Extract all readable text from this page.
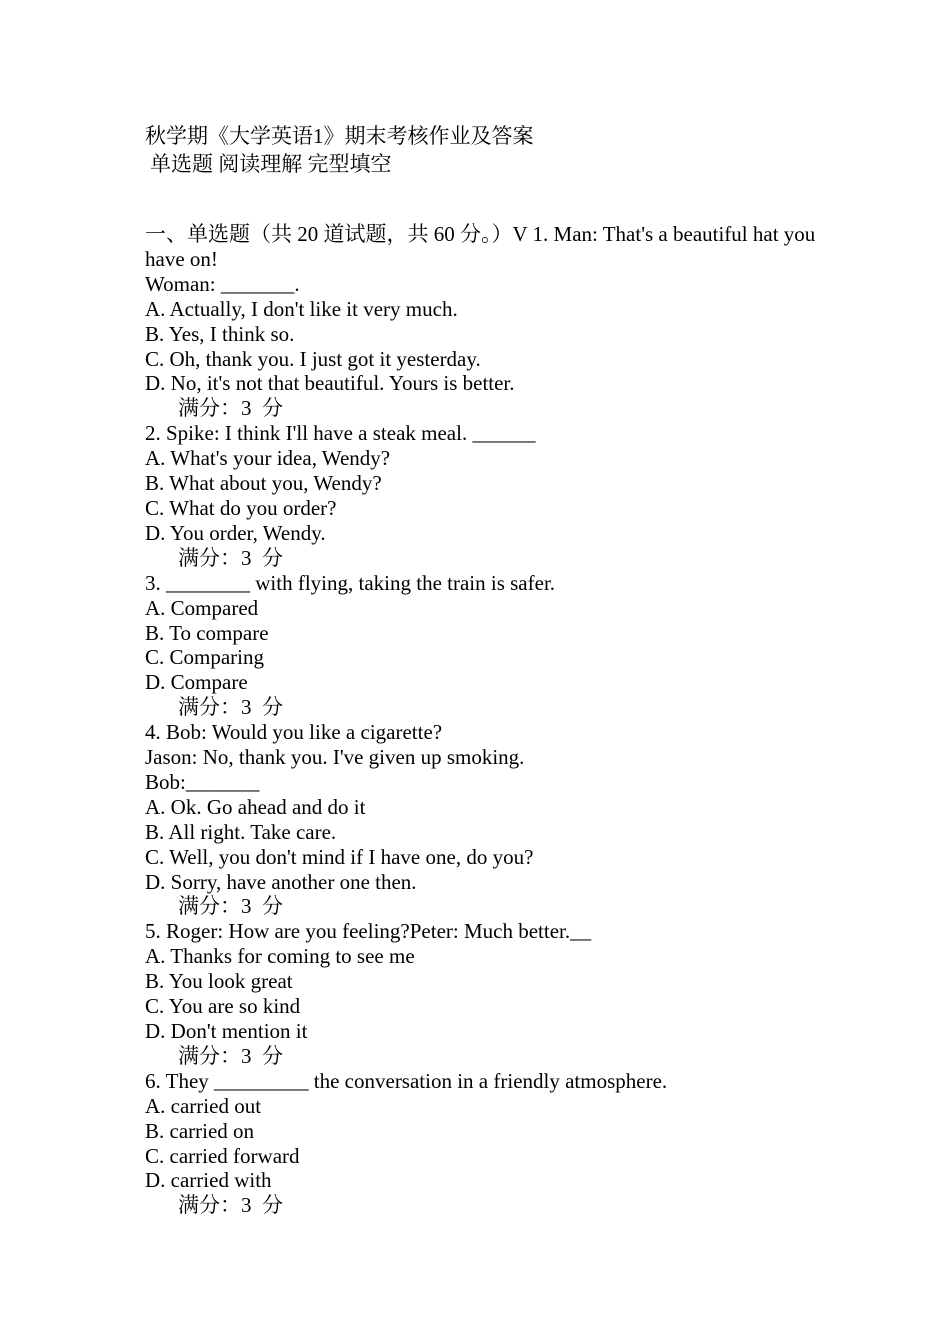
秋学期《大学英语1》期末考核作业及答案
单选题 阅读理解 完型填空
一、单选题（共 20 道试题，共 60 分。）V 1. Man: That's a beautiful hat you have on!
Woman: _______.
A. Actually, I don't like it very much.
B. Yes, I think so.
C. Oh, thank you. I just got it yesterday.
D. No, it's not that beautiful. Yours is better.
满分：3  分
2. Spike: I think I'll have a steak meal. ______
A. What's your idea, Wendy?
B. What about you, Wendy?
C. What do you order?
D. You order, Wendy.
满分：3  分
3. ________ with flying, taking the train is safer.
A. Compared
B. To compare
C. Comparing
D. Compare
满分：3  分
4. Bob: Would you like a cigarette?
Jason: No, thank you. I've given up smoking.
Bob:_______
A. Ok. Go ahead and do it
B. All right. Take care.
C. Well, you don't mind if I have one, do you?
D. Sorry, have another one then.
满分：3  分
5. Roger: How are you feeling?Peter: Much better.__
A. Thanks for coming to see me
B. You look great
C. You are so kind
D. Don't mention it
满分：3  分
6. They _________ the conversation in a friendly atmosphere.
A. carried out
B. carried on
C. carried forward
D. carried with
满分：3  分
